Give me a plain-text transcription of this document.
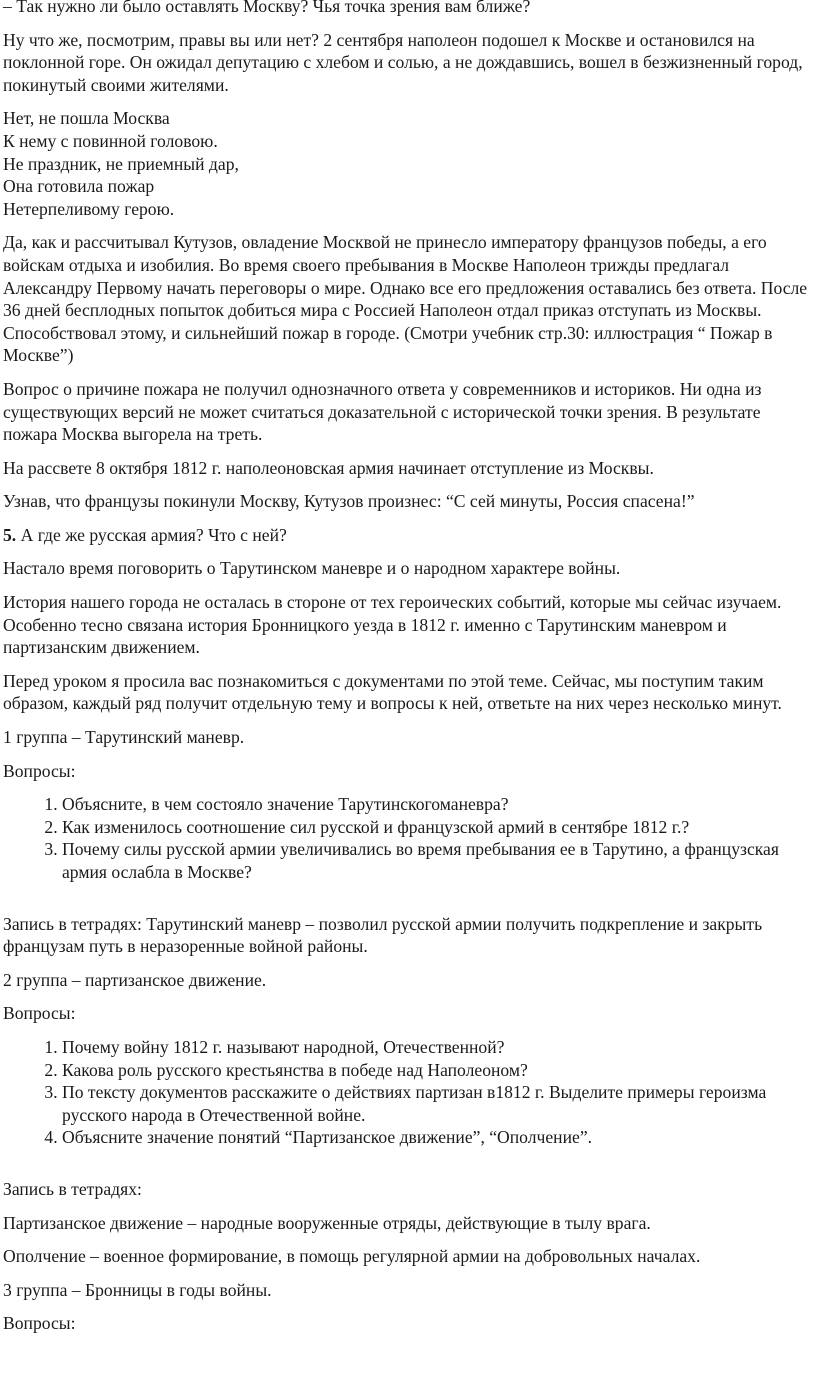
– Так нужно ли было оставлять Москву? Чья точка зрения вам ближе?

Ну что же, посмотрим, правы вы или нет? 2 сентября наполеон подошел к Москве и остановился на поклонной горе. Он ожидал депутацию с хлебом и солью, а не дождавшись, вошел в безжизненный город, покинутый своими жителями.

Нет, не пошла Москва
К нему с повинной головою.
Не праздник, не приемный дар,
Она готовила пожар
Нетерпеливому герою.

Да, как и рассчитывал Кутузов, овладение Москвой не принесло императору французов победы, а его войскам отдыха и изобилия. Во время своего пребывания в Москве Наполеон трижды предлагал Александру Первому начать переговоры о мире. Однако все его предложения оставались без ответа. После 36 дней бесплодных попыток добиться мира с Россией Наполеон отдал приказ отступать из Москвы. Способствовал этому, и сильнейший пожар в городе. (Смотри учебник стр.30: иллюстрация “ Пожар в Москве”)

Вопрос о причине пожара не получил однозначного ответа у современников и историков. Ни одна из существующих версий не может считаться доказательной с исторической точки зрения. В результате пожара Москва выгорела на треть.

На рассвете 8 октября 1812 г. наполеоновская армия начинает отступление из Москвы.

Узнав, что французы покинули Москву, Кутузов произнес: “С сей минуты, Россия спасена!”

5. А где же русская армия? Что с ней?

Настало время поговорить о Тарутинском маневре и о народном характере войны.

История нашего города не осталась в стороне от тех героических событий, которые мы сейчас изучаем. Особенно тесно связана история Бронницкого уезда в 1812 г. именно с Тарутинским маневром и партизанским движением.

Перед уроком я просила вас познакомиться с документами по этой теме. Сейчас, мы поступим таким образом, каждый ряд получит отдельную тему и вопросы к ней, ответьте на них через несколько минут.

1 группа – Тарутинский маневр.

Вопросы:

1. Объясните, в чем состояло значение Тарутинскогоманевра?
2. Как изменилось соотношение сил русской и французской армий в сентябре 1812 г.?
3. Почему силы русской армии увеличивались во время пребывания ее в Тарутино, а французская армия ослабла в Москве?

Запись в тетрадях: Тарутинский маневр – позволил русской армии получить подкрепление и закрыть французам путь в неразоренные войной районы.

2 группа – партизанское движение.

Вопросы:

1. Почему войну 1812 г. называют народной, Отечественной?
2. Какова роль русского крестьянства в победе над Наполеоном?
3. По тексту документов расскажите о действиях партизан в1812 г. Выделите примеры героизма русского народа в Отечественной войне.
4. Объясните значение понятий “Партизанское движение”, “Ополчение”.

Запись в тетрадях:

Партизанское движение – народные вооруженные отряды, действующие в тылу врага.

Ополчение – военное формирование, в помощь регулярной армии на добровольных началах.

3 группа – Бронницы в годы войны.

Вопросы:
